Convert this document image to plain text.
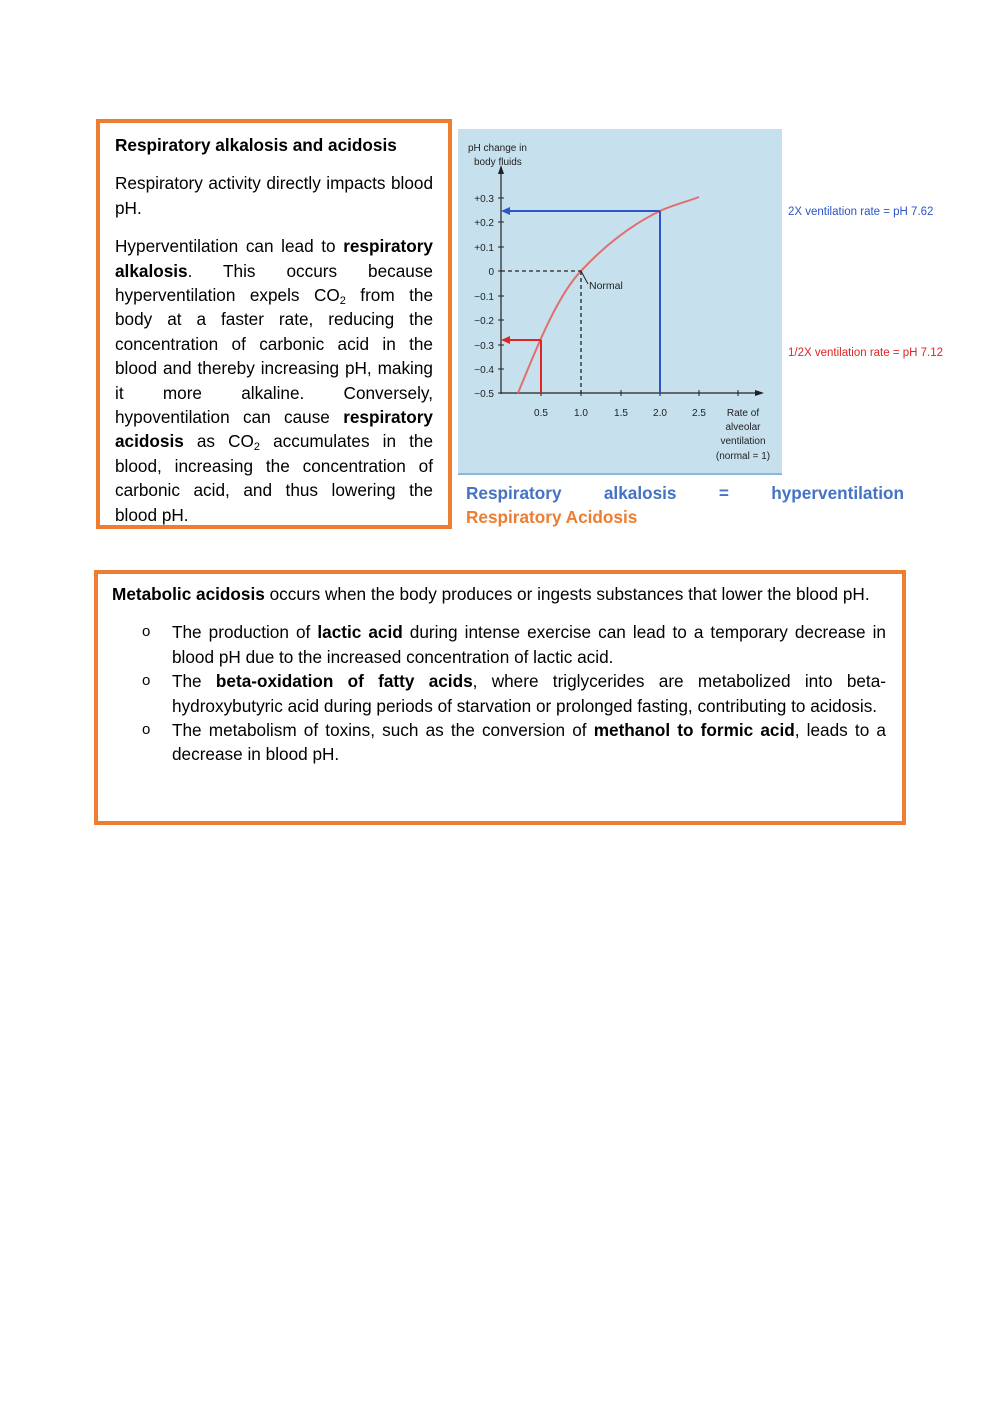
Respiratory alkalosis and acidosis

Respiratory activity directly impacts blood pH.

Hyperventilation can lead to respiratory alkalosis. This occurs because hyperventilation expels $CO_2$ from the body at a faster rate, reducing the concentration of carbonic acid in the blood and thereby increasing pH, making it more alkaline. Conversely, hypoventilation can cause respiratory acidosis as $CO_2$ accumulates in the blood, increasing the concentration of carbonic acid, and thus lowering the blood pH.

+0.3
+0.2
+0.1
0
−0.1
−0.2
−0.3
−0.4
−0.5
0.5	1.0	1.5	2.0	2.5
pH change in
body fluids
Rate of
alveolar
ventilation
(normal = 1)
Normal
2X ventilation rate = pH 7.62
1/2X ventilation rate = pH 7.12
Respiratory alkalosis = hyperventilation
Respiratory Acidosis

Metabolic acidosis occurs when the body produces or ingests substances that lower the blood pH.

o The production of lactic acid during intense exercise can lead to a temporary decrease in blood pH due to the increased concentration of lactic acid.
o The beta-oxidation of fatty acids, where triglycerides are metabolized into beta-hydroxybutyric acid during periods of starvation or prolonged fasting, contributing to acidosis.
o The metabolism of toxins, such as the conversion of methanol to formic acid, leads to a decrease in blood pH.
